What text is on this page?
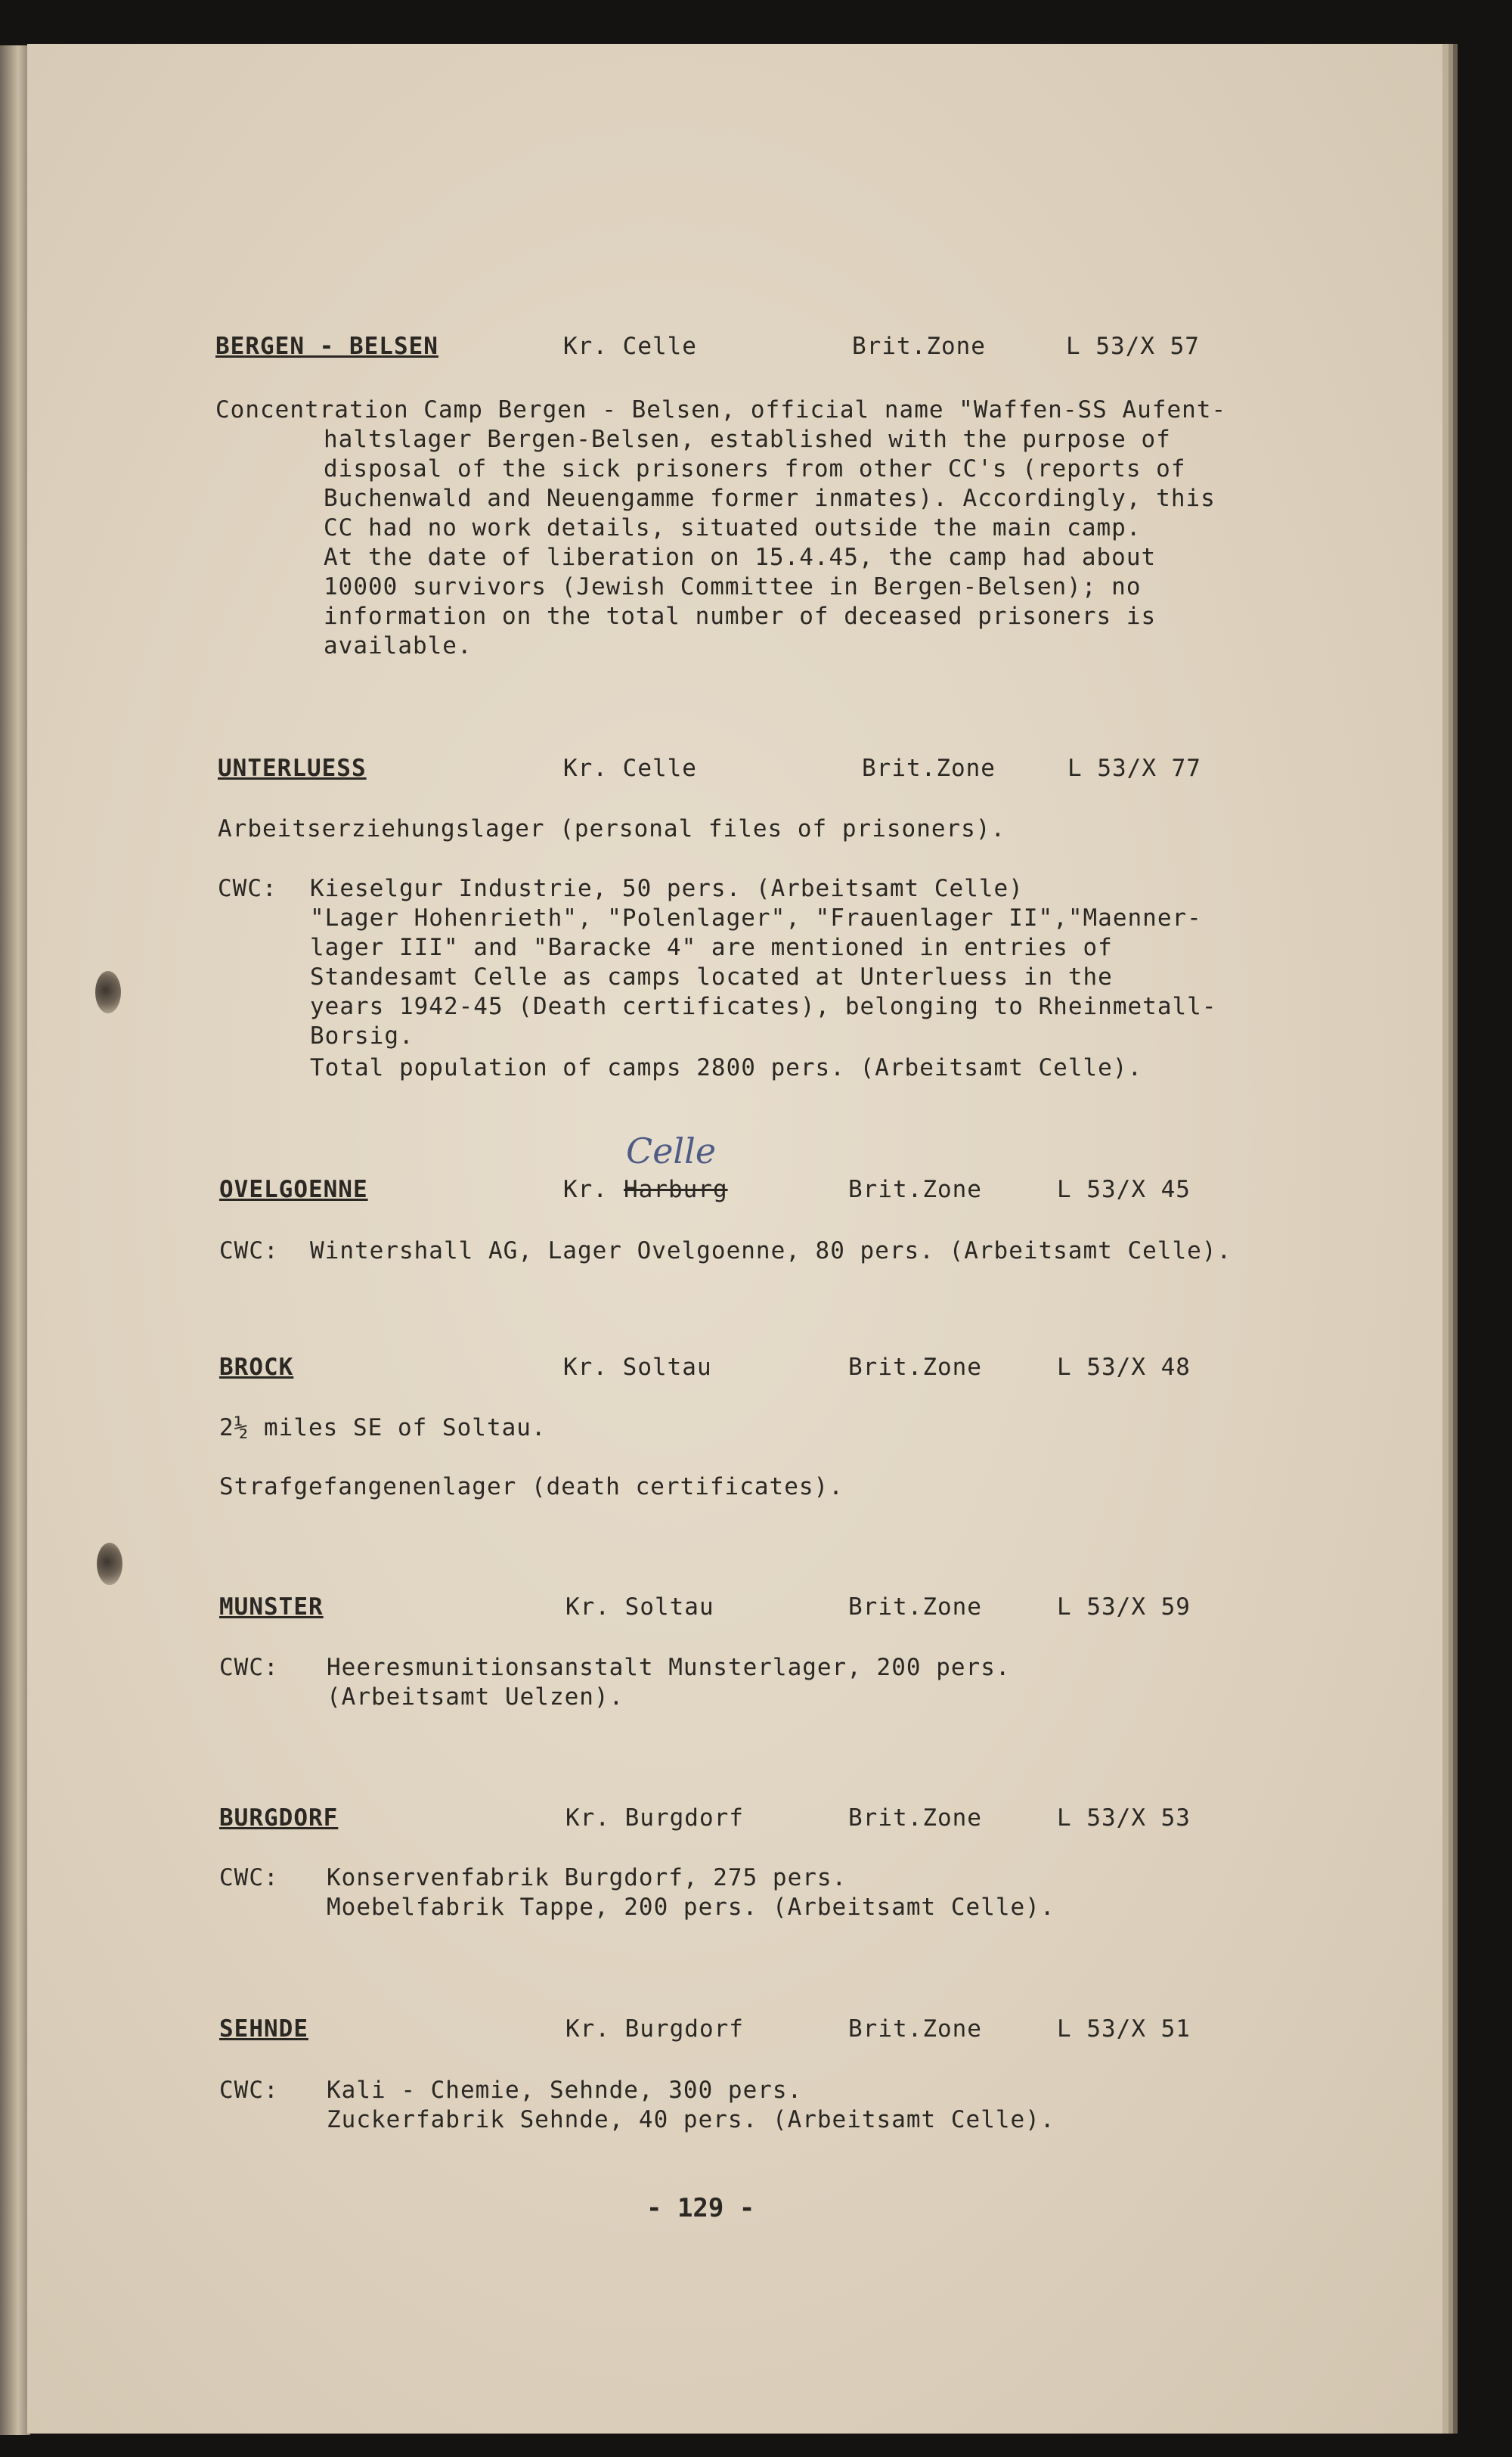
BERGEN - BELSEN	Kr. Celle	Brit.Zone	L 53/X 57
Concentration Camp Bergen - Belsen, official name "Waffen-SS Aufent-
haltslager Bergen-Belsen, established with the purpose of
disposal of the sick prisoners from other CC's (reports of
Buchenwald and Neuengamme former inmates). Accordingly, this
CC had no work details, situated outside the main camp.
At the date of liberation on 15.4.45, the camp had about
10000 survivors (Jewish Committee in Bergen-Belsen); no
information on the total number of deceased prisoners is
available.
UNTERLUESS	Kr. Celle	Brit.Zone	L 53/X 77
Arbeitserziehungslager (personal files of prisoners).
CWC: Kieselgur Industrie, 50 pers. (Arbeitsamt Celle)
"Lager Hohenrieth", "Polenlager", "Frauenlager II","Maenner-
lager III" and "Baracke 4" are mentioned in entries of
Standesamt Celle as camps located at Unterluess in the
years 1942-45 (Death certificates), belonging to Rheinmetall-
Borsig.
Total population of camps 2800 pers. (Arbeitsamt Celle).
Celle
OVELGOENNE	Kr. Harburg	Brit.Zone	L 53/X 45
CWC: Wintershall AG, Lager Ovelgoenne, 80 pers. (Arbeitsamt Celle).
BROCK	Kr. Soltau	Brit.Zone	L 53/X 48
2½ miles SE of Soltau.
Strafgefangenenlager (death certificates).
MUNSTER	Kr. Soltau	Brit.Zone	L 53/X 59
CWC: Heeresmunitionsanstalt Munsterlager, 200 pers.
(Arbeitsamt Uelzen).
BURGDORF	Kr. Burgdorf	Brit.Zone	L 53/X 53
CWC: Konservenfabrik Burgdorf, 275 pers.
Moebelfabrik Tappe, 200 pers. (Arbeitsamt Celle).
SEHNDE	Kr. Burgdorf	Brit.Zone	L 53/X 51
CWC: Kali - Chemie, Sehnde, 300 pers.
Zuckerfabrik Sehnde, 40 pers. (Arbeitsamt Celle).
- 129 -
